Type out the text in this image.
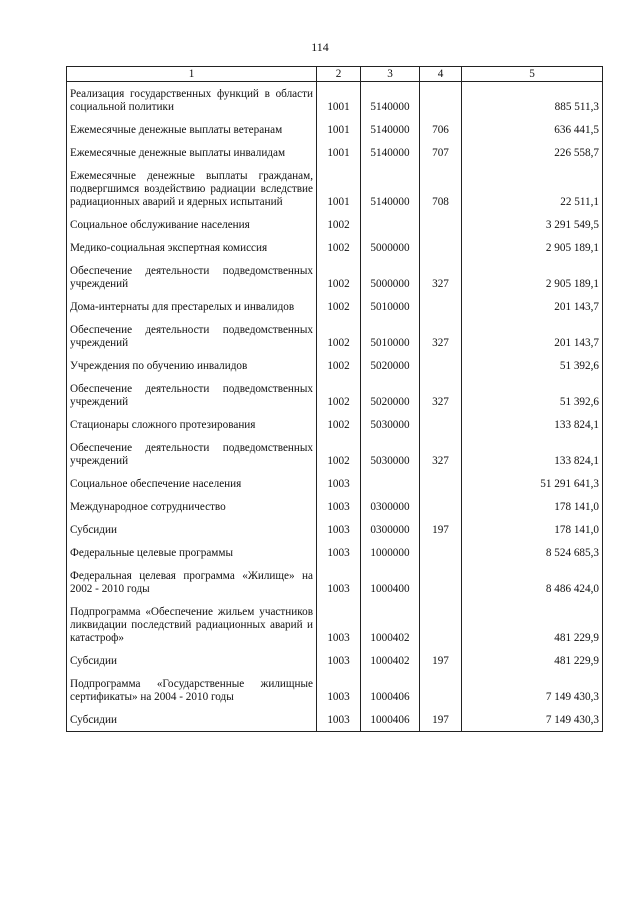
114
1	2	3	4	5
Реализация государственных функций в области социальной политики	1001	5140000		885 511,3
Ежемесячные денежные выплаты ветеранам	1001	5140000	706	636 441,5
Ежемесячные денежные выплаты инвалидам	1001	5140000	707	226 558,7
Ежемесячные денежные выплаты гражданам, подвергшимся воздействию радиации вследствие радиационных аварий и ядерных испытаний	1001	5140000	708	22 511,1
Социальное обслуживание населения	1002			3 291 549,5
Медико-социальная экспертная комиссия	1002	5000000		2 905 189,1
Обеспечение деятельности подведомственных учреждений	1002	5000000	327	2 905 189,1
Дома-интернаты для престарелых и инвалидов	1002	5010000		201 143,7
Обеспечение деятельности подведомственных учреждений	1002	5010000	327	201 143,7
Учреждения по обучению инвалидов	1002	5020000		51 392,6
Обеспечение деятельности подведомственных учреждений	1002	5020000	327	51 392,6
Стационары сложного протезирования	1002	5030000		133 824,1
Обеспечение деятельности подведомственных учреждений	1002	5030000	327	133 824,1
Социальное обеспечение населения	1003			51 291 641,3
Международное сотрудничество	1003	0300000		178 141,0
Субсидии	1003	0300000	197	178 141,0
Федеральные целевые программы	1003	1000000		8 524 685,3
Федеральная целевая программа «Жилище» на 2002 - 2010 годы	1003	1000400		8 486 424,0
Подпрограмма «Обеспечение жильем участников ликвидации последствий радиационных аварий и катастроф»	1003	1000402		481 229,9
Субсидии	1003	1000402	197	481 229,9
Подпрограмма «Государственные жилищные сертификаты» на 2004 - 2010 годы	1003	1000406		7 149 430,3
Субсидии	1003	1000406	197	7 149 430,3
